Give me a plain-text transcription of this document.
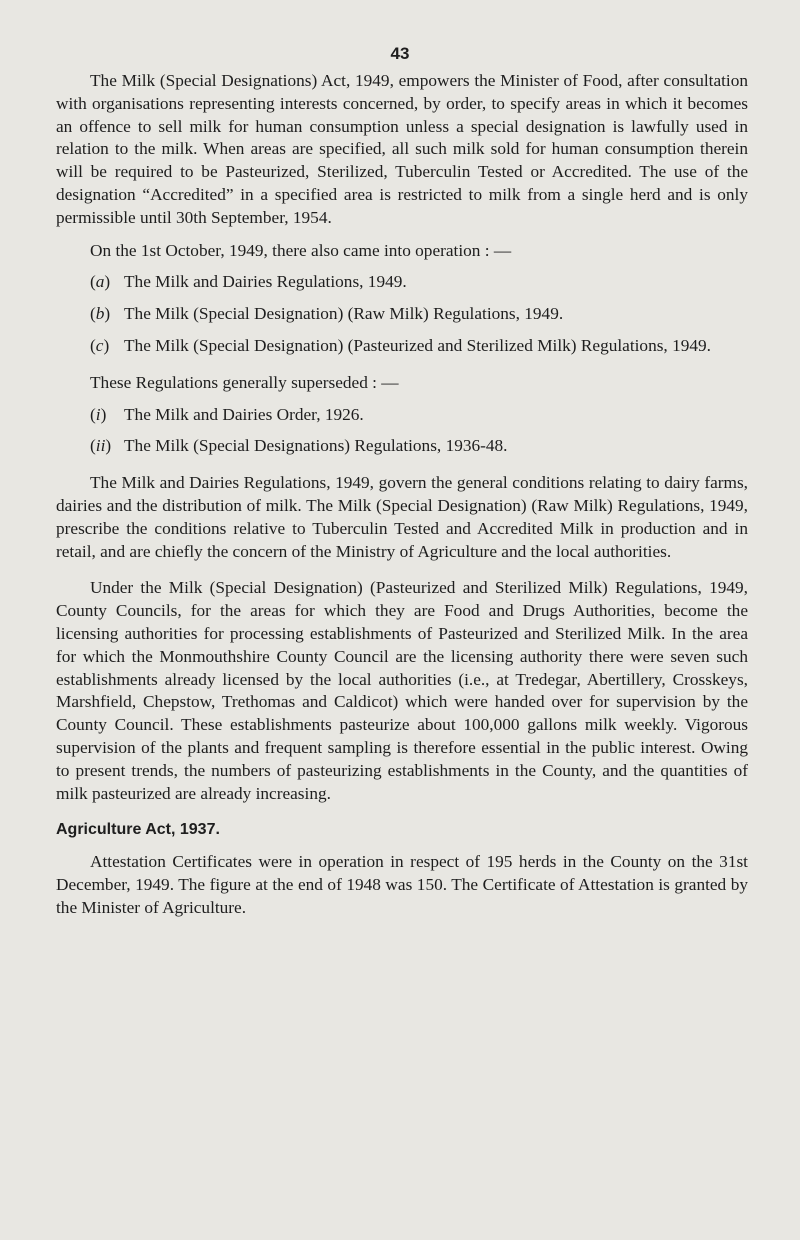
43

The Milk (Special Designations) Act, 1949, empowers the Minister of Food, after consultation with organisations representing interests concerned, by order, to specify areas in which it becomes an offence to sell milk for human consumption unless a special designation is lawfully used in relation to the milk. When areas are specified, all such milk sold for human consumption therein will be required to be Pasteurized, Sterilized, Tuberculin Tested or Accredited. The use of the designation “Accredited” in a specified area is restricted to milk from a single herd and is only permissible until 30th September, 1954.

On the 1st October, 1949, there also came into operation : —

(a) The Milk and Dairies Regulations, 1949.
(b) The Milk (Special Designation) (Raw Milk) Regulations, 1949.
(c) The Milk (Special Designation) (Pasteurized and Sterilized Milk) Regulations, 1949.

These Regulations generally superseded : —

(i)	The Milk and Dairies Order, 1926.
(ii) The Milk (Special Designations) Regulations, 1936-48.

The Milk and Dairies Regulations, 1949, govern the general conditions relating to dairy farms, dairies and the distribution of milk. The Milk (Special Designation) (Raw Milk) Regulations, 1949, prescribe the conditions relative to Tuberculin Tested and Accredited Milk in production and in retail, and are chiefly the concern of the Ministry of Agriculture and the local authorities.

Under the Milk (Special Designation) (Pasteurized and Sterilized Milk) Regulations, 1949, County Councils, for the areas for which they are Food and Drugs Authorities, become the licensing authorities for processing establishments of Pasteurized and Sterilized Milk. In the area for which the Monmouthshire County Council are the licensing authority there were seven such establishments already licensed by the local authorities (i.e., at Tredegar, Abertillery, Crosskeys, Marshfield, Chepstow, Trethomas and Caldicot) which were handed over for supervision by the County Council. These establishments pasteurize about 100,000 gallons milk weekly. Vigorous supervision of the plants and frequent sampling is therefore essential in the public interest. Owing to present trends, the numbers of pasteurizing establishments in the County, and the quantities of milk pasteurized are already increasing.

Agriculture Act, 1937.

Attestation Certificates were in operation in respect of 195 herds in the County on the 31st December, 1949. The figure at the end of 1948 was 150. The Certificate of Attestation is granted by the Minister of Agriculture.
